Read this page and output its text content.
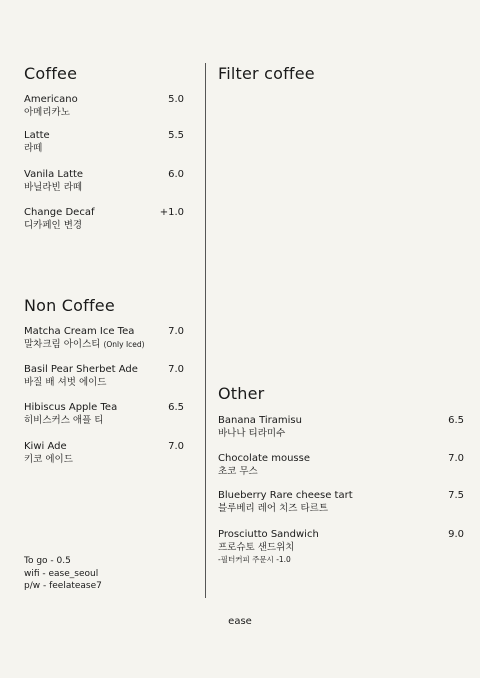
Coffee
Americano	5.0
아메리카노
Latte	5.5
라떼
Vanila Latte	6.0
바닐라빈 라떼
Change Decaf	+1.0
디카페인 변경
Non Coffee
Matcha Cream Ice Tea	7.0
말차크림 아이스티 (Only Iced)
Basil Pear Sherbet Ade	7.0
바질 배 셔벗 에이드
Hibiscus Apple Tea	6.5
히비스커스 애플 티
Kiwi Ade	7.0
키코 에이드
Filter coffee
Other
Banana Tiramisu	6.5
바나나 티라미수
Chocolate mousse	7.0
초코 무스
Blueberry Rare cheese tart	7.5
블루베리 레어 치즈 타르트
Prosciutto Sandwich	9.0
프로슈토 샌드위치
-필터커피 주문시 -1.0
To go - 0.5
wifi - ease_seoul
p/w - feelatease7
ease
